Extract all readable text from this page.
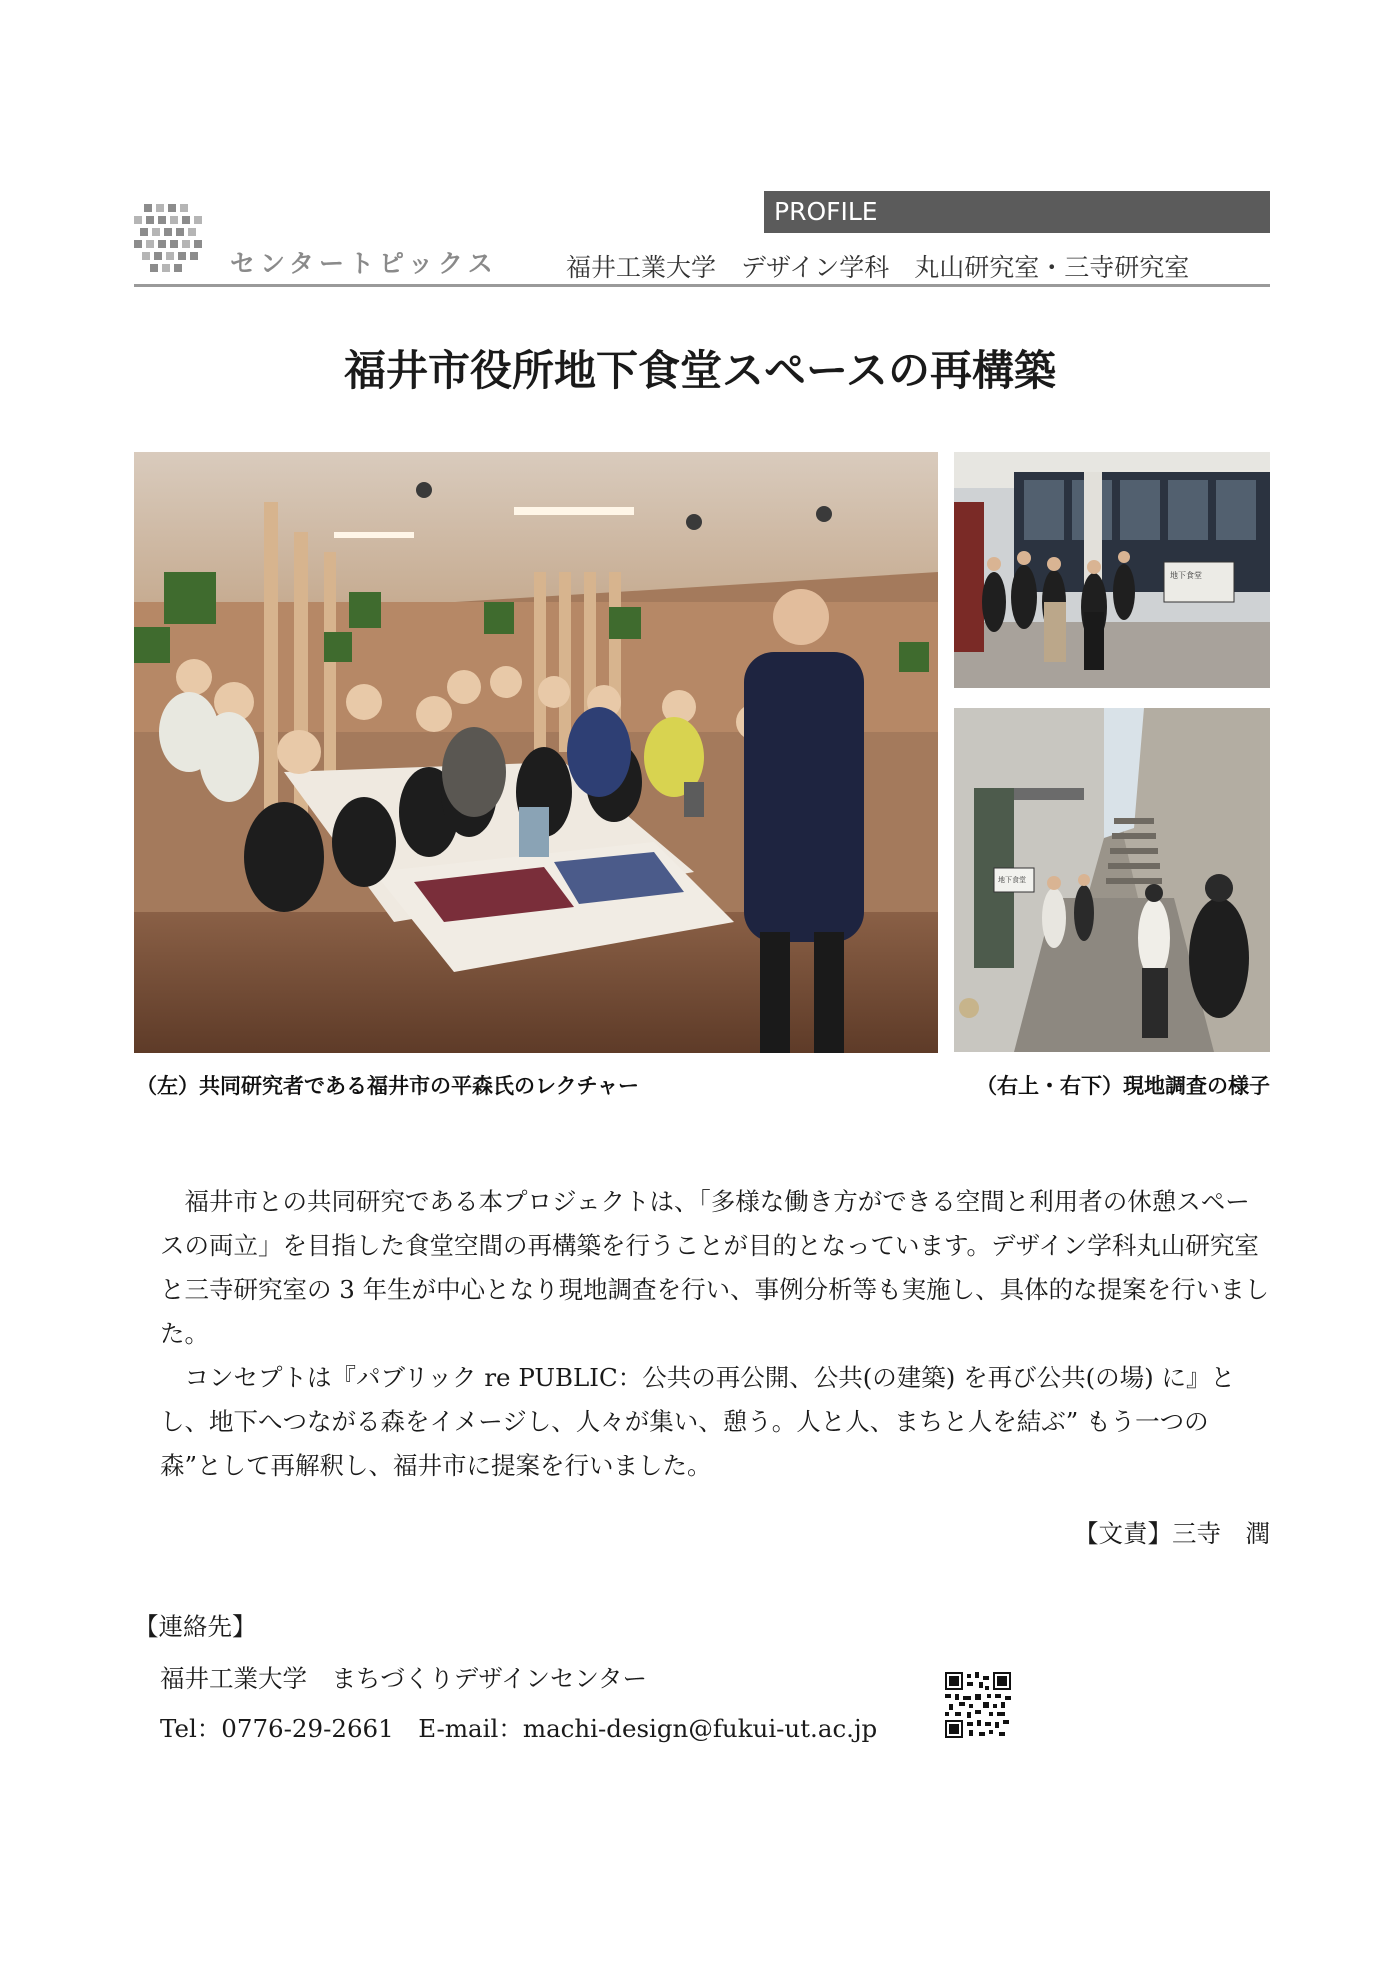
センタートピックス
PROFILE
福井工業大学　デザイン学科　丸山研究室・三寺研究室
福井市役所地下食堂スペースの再構築
地下食堂
地下食堂
（左）共同研究者である福井市の平森氏のレクチャー	（右上・右下）現地調査の様子

福井市との共同研究である本プロジェクトは、「多様な働き方ができる空間と利用者の休憩スペースの両立」を目指した食堂空間の再構築を行うことが目的となっています。デザイン学科丸山研究室と三寺研究室の 3 年生が中心となり現地調査を行い、事例分析等も実施し、具体的な提案を行いました。

コンセプトは『パブリック re PUBLIC：公共の再公開、公共(の建築) を再び公共(の場) に』とし、地下へつながる森をイメージし、人々が集い、憩う。人と人、まちと人を結ぶ” もう一つの森”として再解釈し、福井市に提案を行いました。

【文責】三寺　潤
【連絡先】
福井工業大学　まちづくりデザインセンター
Tel：0776-29-2661　E-mail：machi-design@fukui-ut.ac.jp
